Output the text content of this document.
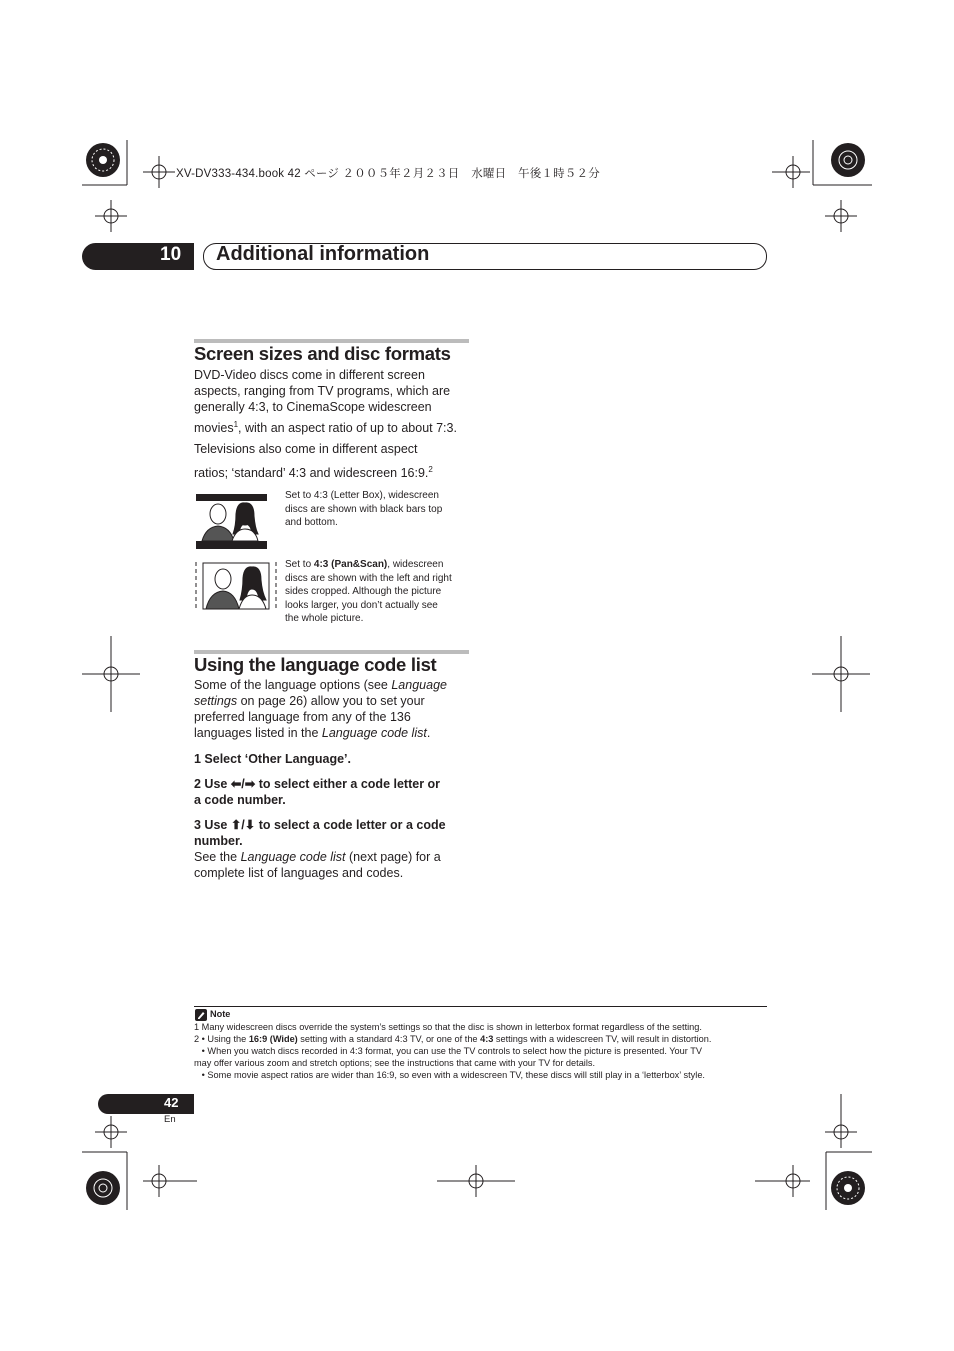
XV-DV333-434.book 42 ページ ２００５年２月２３日　水曜日　午後１時５２分
10 Additional information
Screen sizes and disc formats
DVD-Video discs come in different screen
aspects, ranging from TV programs, which are
generally 4:3, to CinemaScope widescreen
movies$^1$, with an aspect ratio of up to about 7:3.
Televisions also come in different aspect
ratios; ‘standard’ 4:3 and widescreen 16:9.$^2$
Set to 4:3 (Letter Box), widescreen
discs are shown with black bars top
and bottom.
Set to 4:3 (Pan&Scan), widescreen
discs are shown with the left and right
sides cropped. Although the picture
looks larger, you don’t actually see
the whole picture.
Using the language code list
Some of the language options (see Language
settings on page 26) allow you to set your
preferred language from any of the 136
languages listed in the Language code list.
1 Select ‘Other Language’.
2 Use ⬅/➡ to select either a code letter or
a code number.
3 Use ⬆/⬇ to select a code letter or a code
number.
See the Language code list (next page) for a
complete list of languages and codes.
Note
1 Many widescreen discs override the system’s settings so that the disc is shown in letterbox format regardless of the setting.
2 • Using the 16:9 (Wide) setting with a standard 4:3 TV, or one of the 4:3 settings with a widescreen TV, will result in distortion.
• When you watch discs recorded in 4:3 format, you can use the TV controls to select how the picture is presented. Your TV
may offer various zoom and stretch options; see the instructions that came with your TV for details.
• Some movie aspect ratios are wider than 16:9, so even with a widescreen TV, these discs will still play in a ‘letterbox’ style.
42
En
